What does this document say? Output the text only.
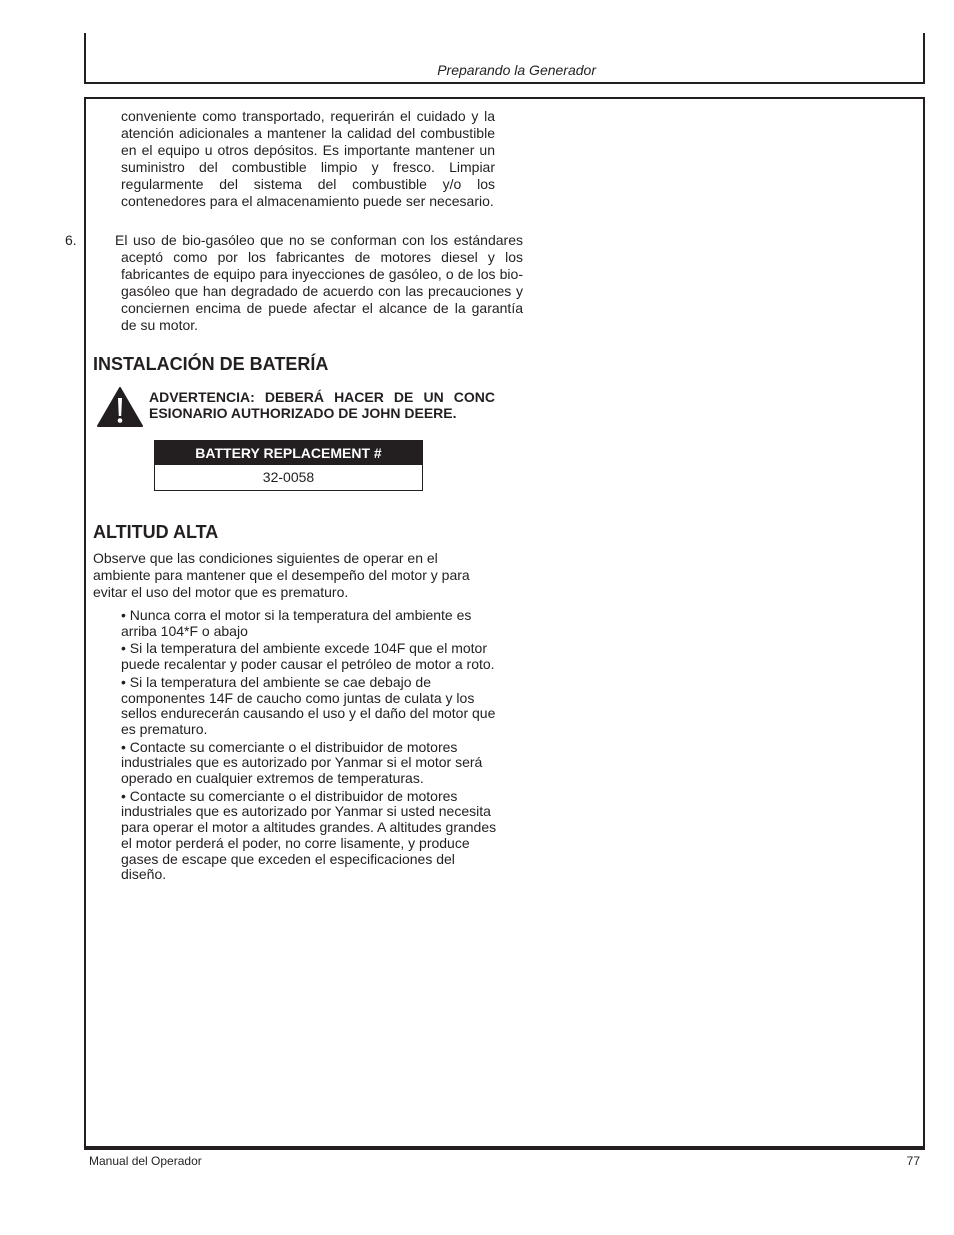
Preparando la Generador
conveniente como transportado, requerirán el cuidado y la atención adicionales a mantener la calidad del combustible en el equipo u otros depósitos. Es importante mantener un suministro del combustible limpio y fresco. Limpiar regularmente del sistema del combustible y/o los contenedores para el almacenamiento puede ser necesario.
6.	El uso de bio-gasóleo que no se conforman con los estándares aceptó como por los fabricantes de motores diesel y los fabricantes de equipo para inyecciones de gasóleo, o de los bio-gasóleo que han degradado de acuerdo con las precauciones y conciernen encima de puede afectar el alcance de la garantía de su motor.
INSTALACIÓN DE BATERÍA
ADVERTENCIA: DEBERÁ HACER DE UN CONC ESIONARIO AUTHORIZADO DE JOHN DEERE.
BATTERY REPLACEMENT #
32-0058
ALTITUD ALTA
Observe que las condiciones siguientes de operar en el ambiente para mantener que el desempeño del motor y para evitar el uso del motor que es prematuro.

• Nunca corra el motor si la temperatura del ambiente es arriba 104*F o abajo

• Si la temperatura del ambiente excede 104F que el motor puede recalentar y poder causar el petróleo de motor a roto.

• Si la temperatura del ambiente se cae debajo de componentes 14F de caucho como juntas de culata y los sellos endurecerán causando el uso y el daño del motor que es prematuro.

• Contacte su comerciante o el distribuidor de motores industriales que es autorizado por Yanmar si el motor será operado en cualquier extremos de temperaturas.

• Contacte su comerciante o el distribuidor de motores industriales que es autorizado por Yanmar si usted necesita para operar el motor a altitudes grandes. A altitudes grandes el motor perderá el poder, no corre lisamente, y produce gases de escape que exceden el especificaciones del diseño.

Manual del Operador	77
